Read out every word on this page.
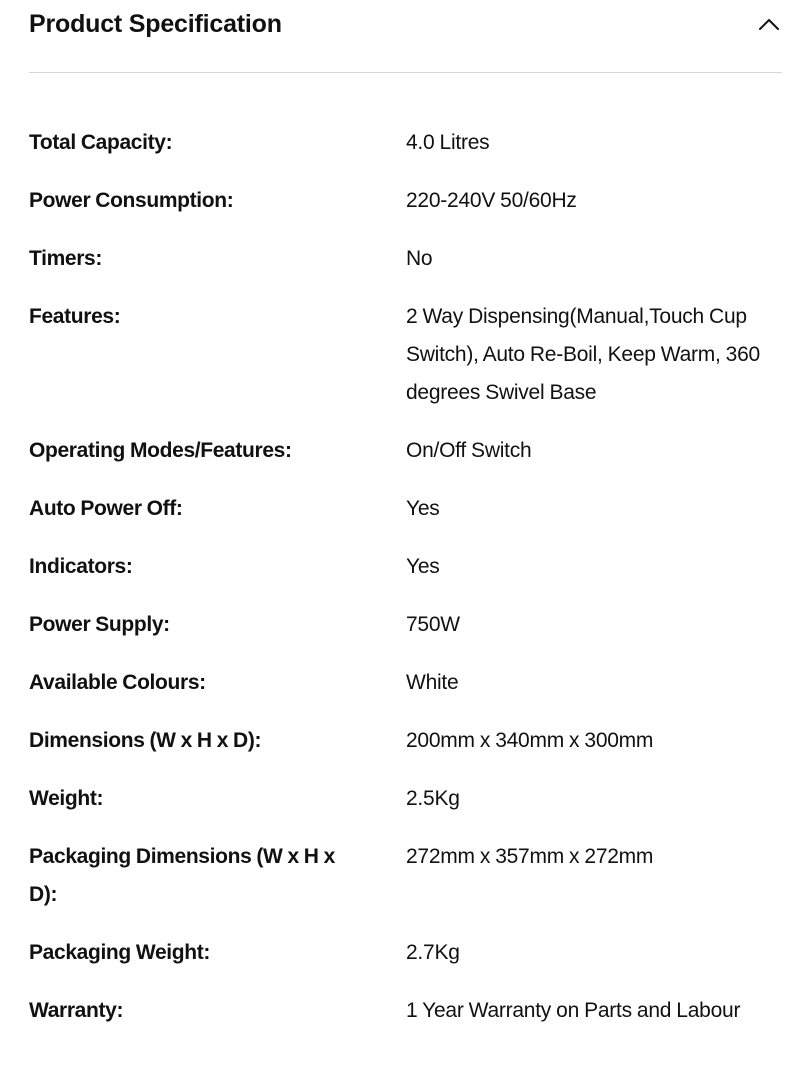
Product Specification
Total Capacity:	4.0 Litres
Power Consumption:	220-240V 50/60Hz
Timers:	No
Features:	2 Way Dispensing(Manual,Touch Cup Switch), Auto Re-Boil, Keep Warm, 360 degrees Swivel Base
Operating Modes/Features:	On/Off Switch
Auto Power Off:	Yes
Indicators:	Yes
Power Supply:	750W
Available Colours:	White
Dimensions (W x H x D):	200mm x 340mm x 300mm
Weight:	2.5Kg
Packaging Dimensions (W x H x D):	272mm x 357mm x 272mm
Packaging Weight:	2.7Kg
Warranty:	1 Year Warranty on Parts and Labour
